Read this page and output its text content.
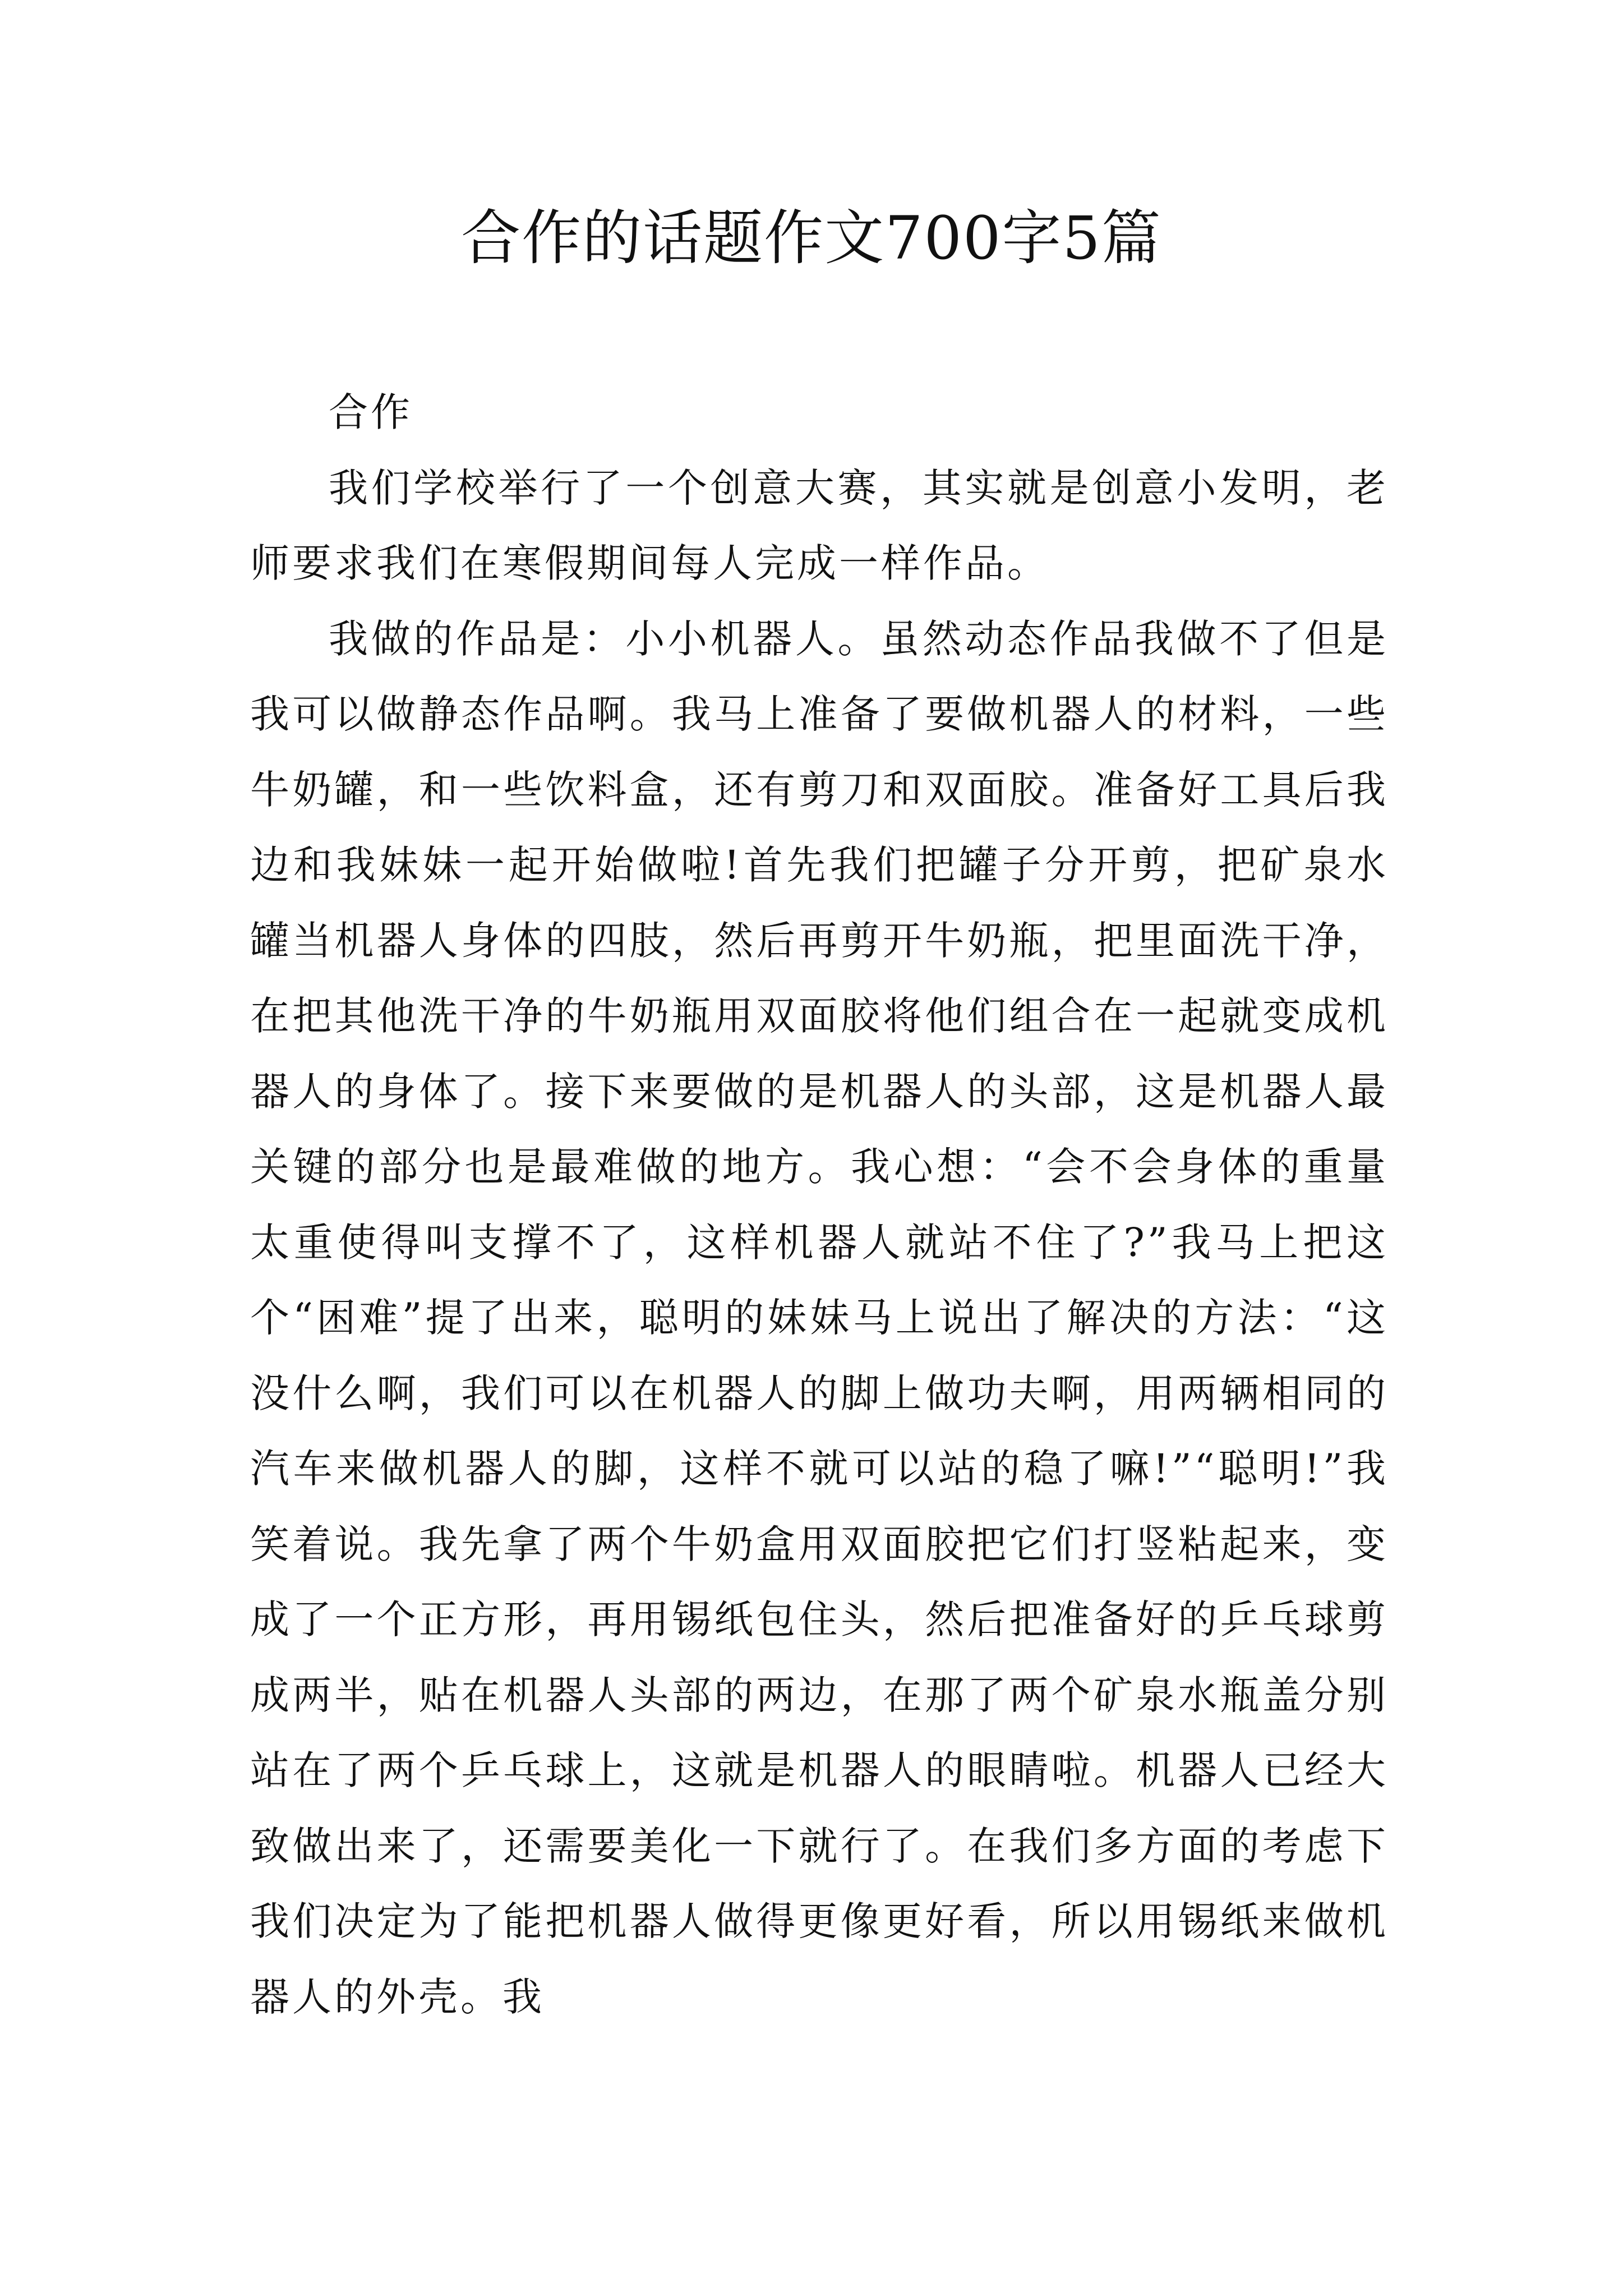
合作的话题作文700字5篇

合作

我们学校举行了一个创意大赛，其实就是创意小发明，老师要求我们在寒假期间每人完成一样作品。

我做的作品是：小小机器人。虽然动态作品我做不了但是我可以做静态作品啊。我马上准备了要做机器人的材料，一些牛奶罐，和一些饮料盒，还有剪刀和双面胶。准备好工具后我边和我妹妹一起开始做啦!首先我们把罐子分开剪，把矿泉水罐当机器人身体的四肢，然后再剪开牛奶瓶，把里面洗干净，在把其他洗干净的牛奶瓶用双面胶将他们组合在一起就变成机器人的身体了。接下来要做的是机器人的头部，这是机器人最关键的部分也是最难做的地方。我心想：“会不会身体的重量太重使得叫支撑不了，这样机器人就站不住了?”我马上把这个“困难”提了出来，聪明的妹妹马上说出了解决的方法：“这没什么啊，我们可以在机器人的脚上做功夫啊，用两辆相同的汽车来做机器人的脚，这样不就可以站的稳了嘛!”“聪明!”我笑着说。我先拿了两个牛奶盒用双面胶把它们打竖粘起来，变成了一个正方形，再用锡纸包住头，然后把准备好的乒乓球剪成两半，贴在机器人头部的两边，在那了两个矿泉水瓶盖分别站在了两个乒乓球上，这就是机器人的眼睛啦。机器人已经大致做出来了，还需要美化一下就行了。在我们多方面的考虑下我们决定为了能把机器人做得更像更好看，所以用锡纸来做机器人的外壳。我
